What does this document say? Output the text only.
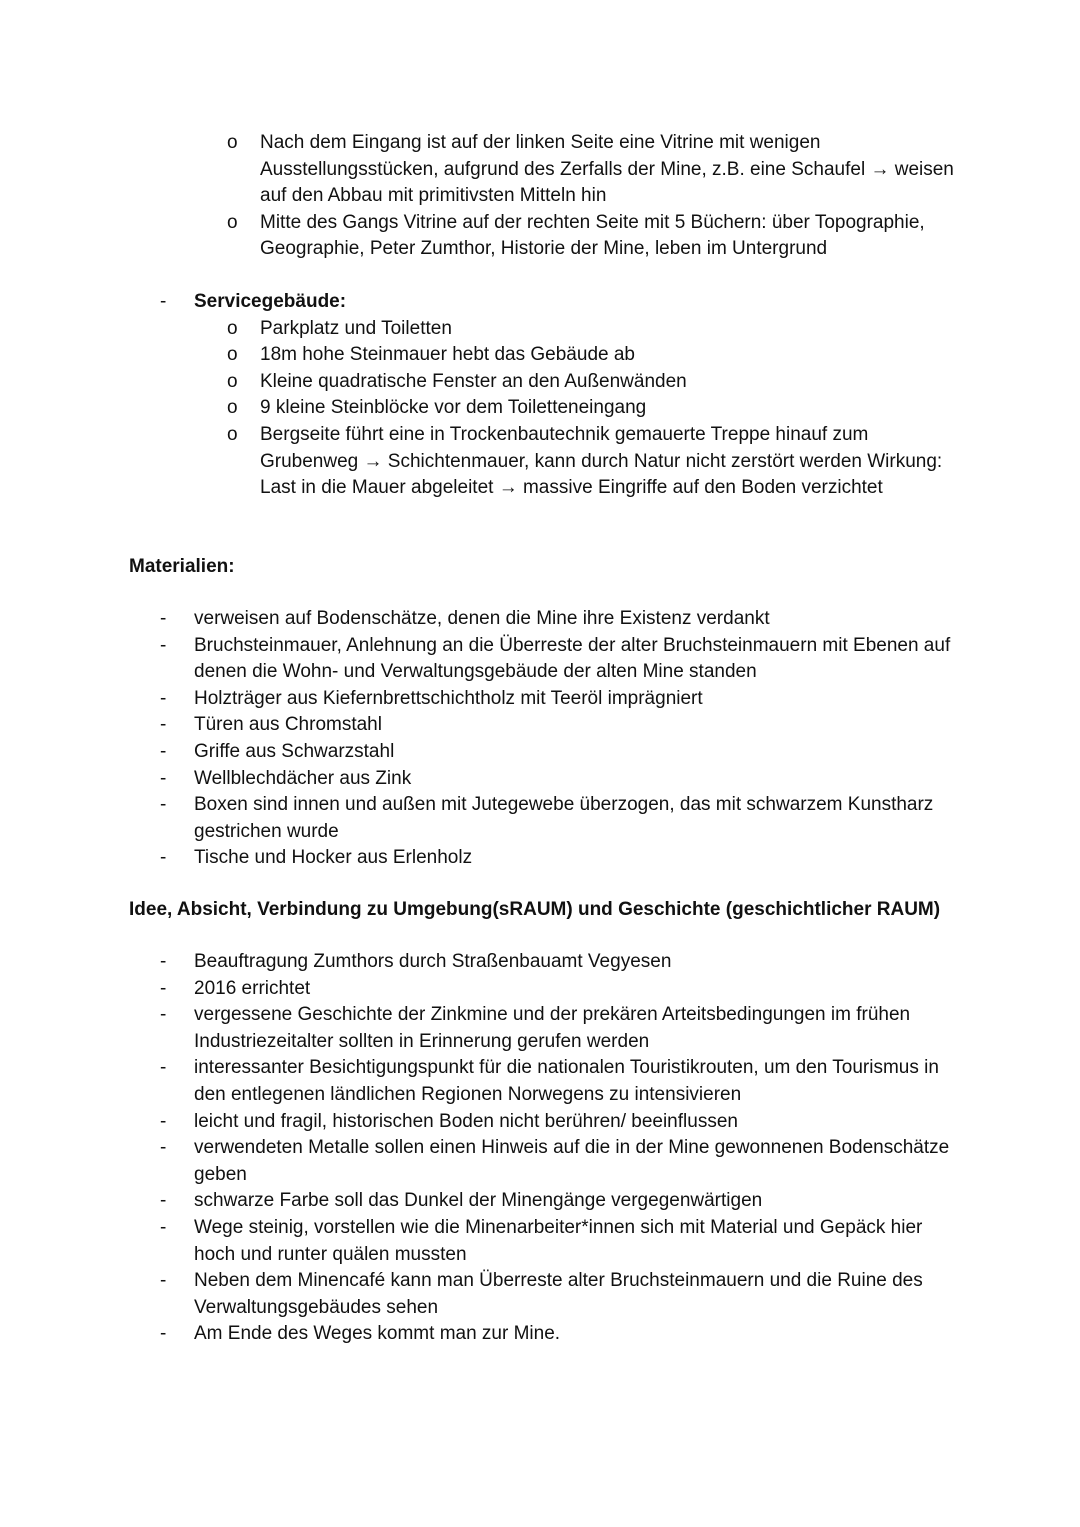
o Nach dem Eingang ist auf der linken Seite eine Vitrine mit wenigen Ausstellungsstücken, aufgrund des Zerfalls der Mine, z.B. eine Schaufel → weisen auf den Abbau mit primitivsten Mitteln hin
o Mitte des Gangs Vitrine auf der rechten Seite mit 5 Büchern: über Topographie, Geographie, Peter Zumthor, Historie der Mine, leben im Untergrund
- Servicegebäude:
o Parkplatz und Toiletten
o 18m hohe Steinmauer hebt das Gebäude ab
o Kleine quadratische Fenster an den Außenwänden
o 9 kleine Steinblöcke vor dem Toiletteneingang
o Bergseite führt eine in Trockenbautechnik gemauerte Treppe hinauf zum Grubenweg → Schichtenmauer, kann durch Natur nicht zerstört werden Wirkung: Last in die Mauer abgeleitet → massive Eingriffe auf den Boden verzichtet
Materialien:
- verweisen auf Bodenschätze, denen die Mine ihre Existenz verdankt
- Bruchsteinmauer, Anlehnung an die Überreste der alter Bruchsteinmauern mit Ebenen auf denen die Wohn- und Verwaltungsgebäude der alten Mine standen
- Holzträger aus Kiefernbrettschichtholz mit Teeröl imprägniert
- Türen aus Chromstahl
- Griffe aus Schwarzstahl
- Wellblechdächer aus Zink
- Boxen sind innen und außen mit Jutegewebe überzogen, das mit schwarzem Kunstharz gestrichen wurde
- Tische und Hocker aus Erlenholz
Idee, Absicht, Verbindung zu Umgebung(sRAUM) und Geschichte (geschichtlicher RAUM)
- Beauftragung Zumthors durch Straßenbauamt Vegyesen
- 2016 errichtet
- vergessene Geschichte der Zinkmine und der prekären Arteitsbedingungen im frühen Industriezeitalter sollten in Erinnerung gerufen werden
- interessanter Besichtigungspunkt für die nationalen Touristikrouten, um den Tourismus in den entlegenen ländlichen Regionen Norwegens zu intensivieren
- leicht und fragil, historischen Boden nicht berühren/ beeinflussen
- verwendeten Metalle sollen einen Hinweis auf die in der Mine gewonnenen Bodenschätze geben
- schwarze Farbe soll das Dunkel der Minengänge vergegenwärtigen
- Wege steinig, vorstellen wie die Minenarbeiter*innen sich mit Material und Gepäck hier hoch und runter quälen mussten
- Neben dem Minencafé kann man Überreste alter Bruchsteinmauern und die Ruine des Verwaltungsgebäudes sehen
- Am Ende des Weges kommt man zur Mine.
